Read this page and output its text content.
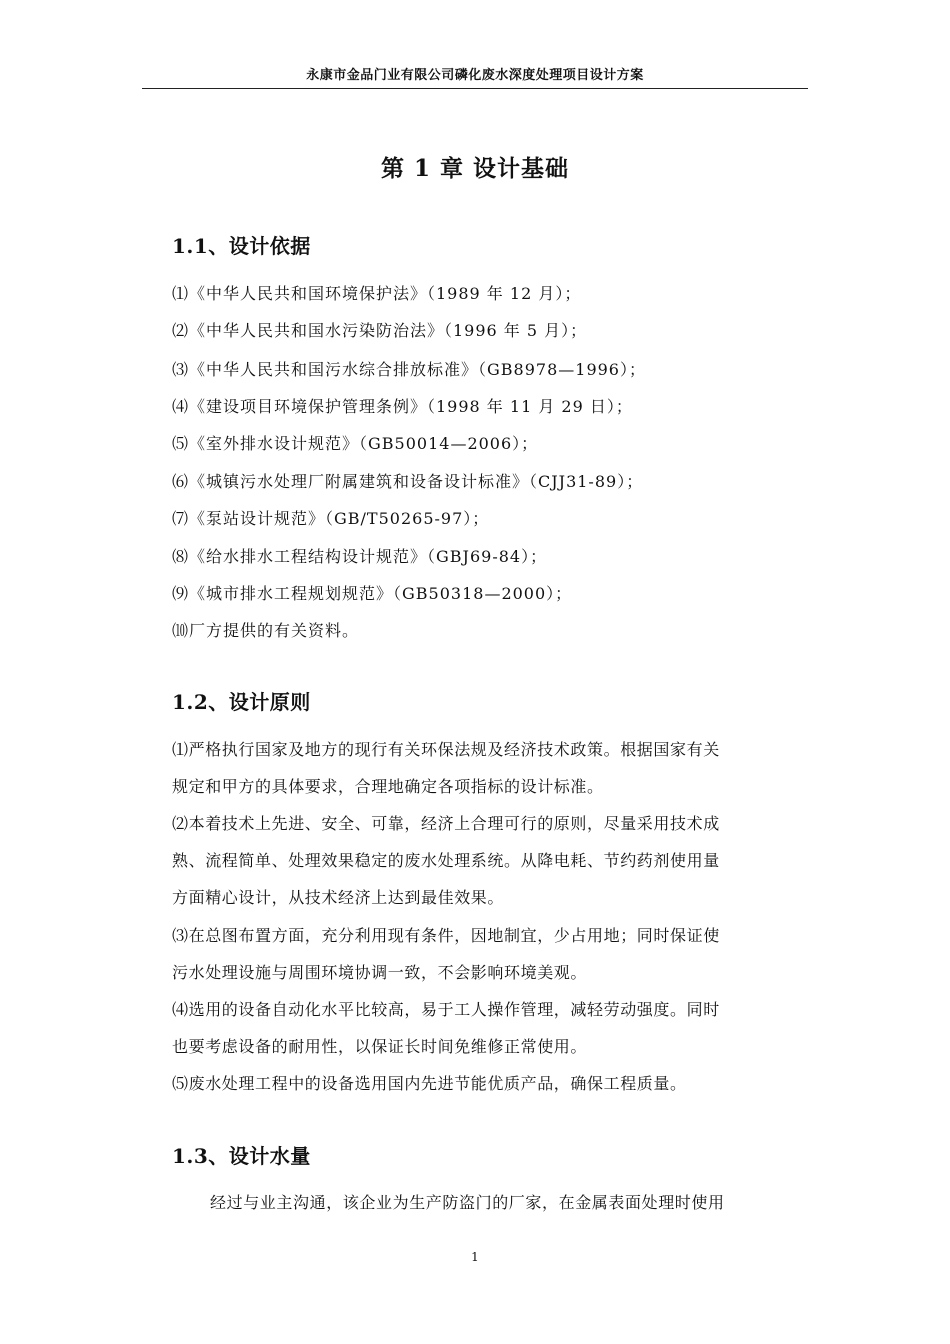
永康市金品门业有限公司磷化废水深度处理项目设计方案
第 1 章 设计基础
1.1、设计依据
⑴《中华人民共和国环境保护法》（1989 年 12 月）；
⑵《中华人民共和国水污染防治法》（1996 年 5 月）；
⑶《中华人民共和国污水综合排放标准》（GB8978—1996）；
⑷《建设项目环境保护管理条例》（1998 年 11 月 29 日）；
⑸《室外排水设计规范》（GB50014—2006）；
⑹《城镇污水处理厂附属建筑和设备设计标准》（CJJ31-89）；
⑺《泵站设计规范》（GB/T50265-97）；
⑻《给水排水工程结构设计规范》（GBJ69-84）；
⑼《城市排水工程规划规范》（GB50318—2000）；
⑽厂方提供的有关资料。
1.2、设计原则
⑴严格执行国家及地方的现行有关环保法规及经济技术政策。根据国家有关
规定和甲方的具体要求，合理地确定各项指标的设计标准。
⑵本着技术上先进、安全、可靠，经济上合理可行的原则，尽量采用技术成
熟、流程简单、处理效果稳定的废水处理系统。从降电耗、节约药剂使用量
方面精心设计，从技术经济上达到最佳效果。
⑶在总图布置方面，充分利用现有条件，因地制宜，少占用地；同时保证使
污水处理设施与周围环境协调一致，不会影响环境美观。
⑷选用的设备自动化水平比较高，易于工人操作管理，减轻劳动强度。同时
也要考虑设备的耐用性，以保证长时间免维修正常使用。
⑸废水处理工程中的设备选用国内先进节能优质产品，确保工程质量。
1.3、设计水量
经过与业主沟通，该企业为生产防盗门的厂家，在金属表面处理时使用
1
